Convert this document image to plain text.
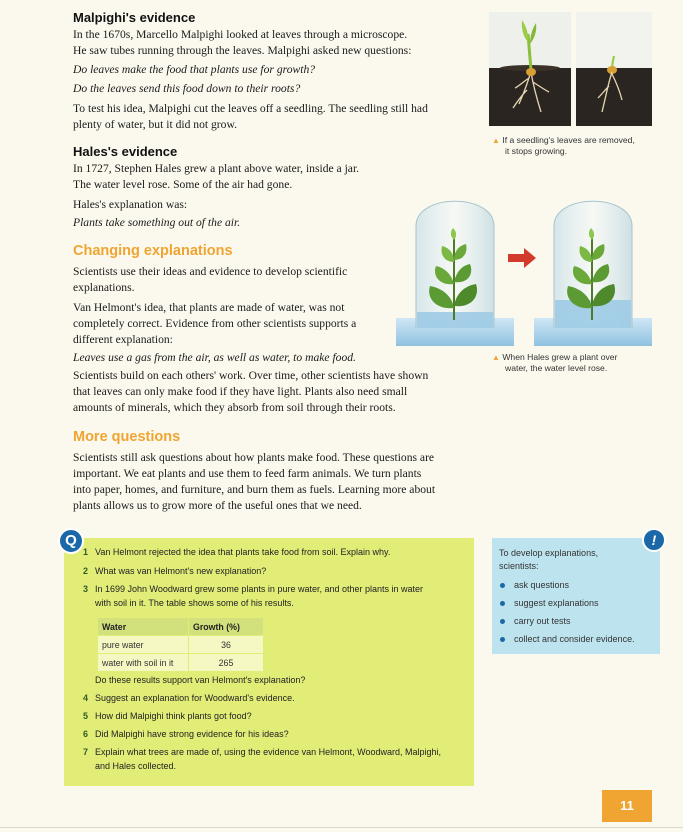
Malpighi's evidence
In the 1670s, Marcello Malpighi looked at leaves through a microscope.
He saw tubes running through the leaves. Malpighi asked new questions:
Do leaves make the food that plants use for growth?
Do the leaves send this food down to their roots?
To test his idea, Malpighi cut the leaves off a seedling. The seedling still had
plenty of water, but it did not grow.
Hales's evidence
In 1727, Stephen Hales grew a plant above water, inside a jar.
The water level rose. Some of the air had gone.
Hales's explanation was:
Plants take something out of the air.
Changing explanations
Scientists use their ideas and evidence to develop scientific
explanations.
Van Helmont's idea, that plants are made of water, was not
completely correct. Evidence from other scientists supports a
different explanation:
Leaves use a gas from the air, as well as water, to make food.
Scientists build on each others' work. Over time, other scientists have shown
that leaves can only make food if they have light. Plants also need small
amounts of minerals, which they absorb from soil through their roots.
More questions
Scientists still ask questions about how plants make food. These questions are
important. We eat plants and use them to feed farm animals. We turn plants
into paper, homes, and furniture, and burn them as fuels. Learning more about
plants allows us to grow more of the useful ones that we need.
▲ If a seedling's leaves are removed,
it stops growing.
▲ When Hales grew a plant over
water, the water level rose.
Q
1 Van Helmont rejected the idea that plants take food from soil. Explain why.
2 What was van Helmont's new explanation?
3 In 1699 John Woodward grew some plants in pure water, and other plants in water
with soil in it. The table shows some of his results.
Water	Growth (%)
pure water	36
water with soil in it	265
Do these results support van Helmont's explanation?
4 Suggest an explanation for Woodward's evidence.
5 How did Malpighi think plants got food?
6 Did Malpighi have strong evidence for his ideas?
7 Explain what trees are made of, using the evidence van Helmont, Woodward, Malpighi,
and Hales collected.
!
To develop explanations,
scientists:
ask questions
suggest explanations
carry out tests
collect and consider evidence.
11
